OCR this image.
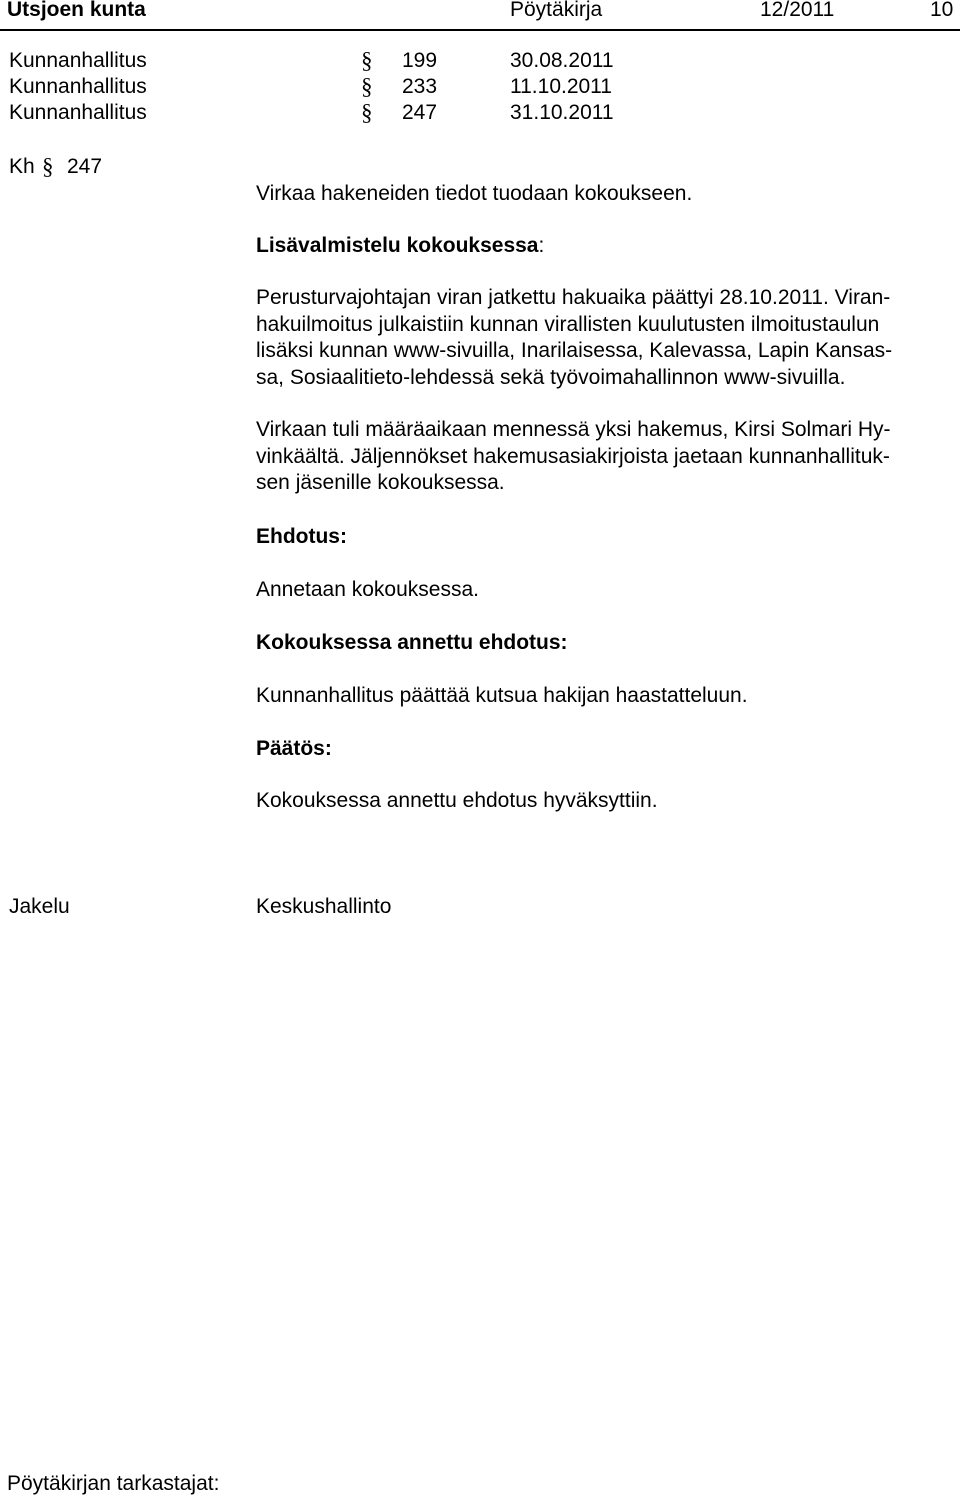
Utsjoen kunta	Pöytäkirja	12/2011	10
Kunnanhallitus	§ 199	30.08.2011
Kunnanhallitus	§ 233	11.10.2011
Kunnanhallitus	§ 247	31.10.2011
Kh § 247
Virkaa hakeneiden tiedot tuodaan kokoukseen.
Lisävalmistelu kokouksessa:
Perusturvajohtajan viran jatkettu hakuaika päättyi 28.10.2011. Viran-
hakuilmoitus julkaistiin kunnan virallisten kuulutusten ilmoitustaulun
lisäksi kunnan www-sivuilla, Inarilaisessa, Kalevassa, Lapin Kansas-
sa, Sosiaalitieto-lehdessä sekä työvoimahallinnon www-sivuilla.
Virkaan tuli määräaikaan mennessä yksi hakemus, Kirsi Solmari Hy-
vinkäältä. Jäljennökset hakemusasiakirjoista jaetaan kunnanhallituk-
sen jäsenille kokouksessa.
Ehdotus:
Annetaan kokouksessa.
Kokouksessa annettu ehdotus:
Kunnanhallitus päättää kutsua hakijan haastatteluun.
Päätös:
Kokouksessa annettu ehdotus hyväksyttiin.
Jakelu	Keskushallinto
Pöytäkirjan tarkastajat:
